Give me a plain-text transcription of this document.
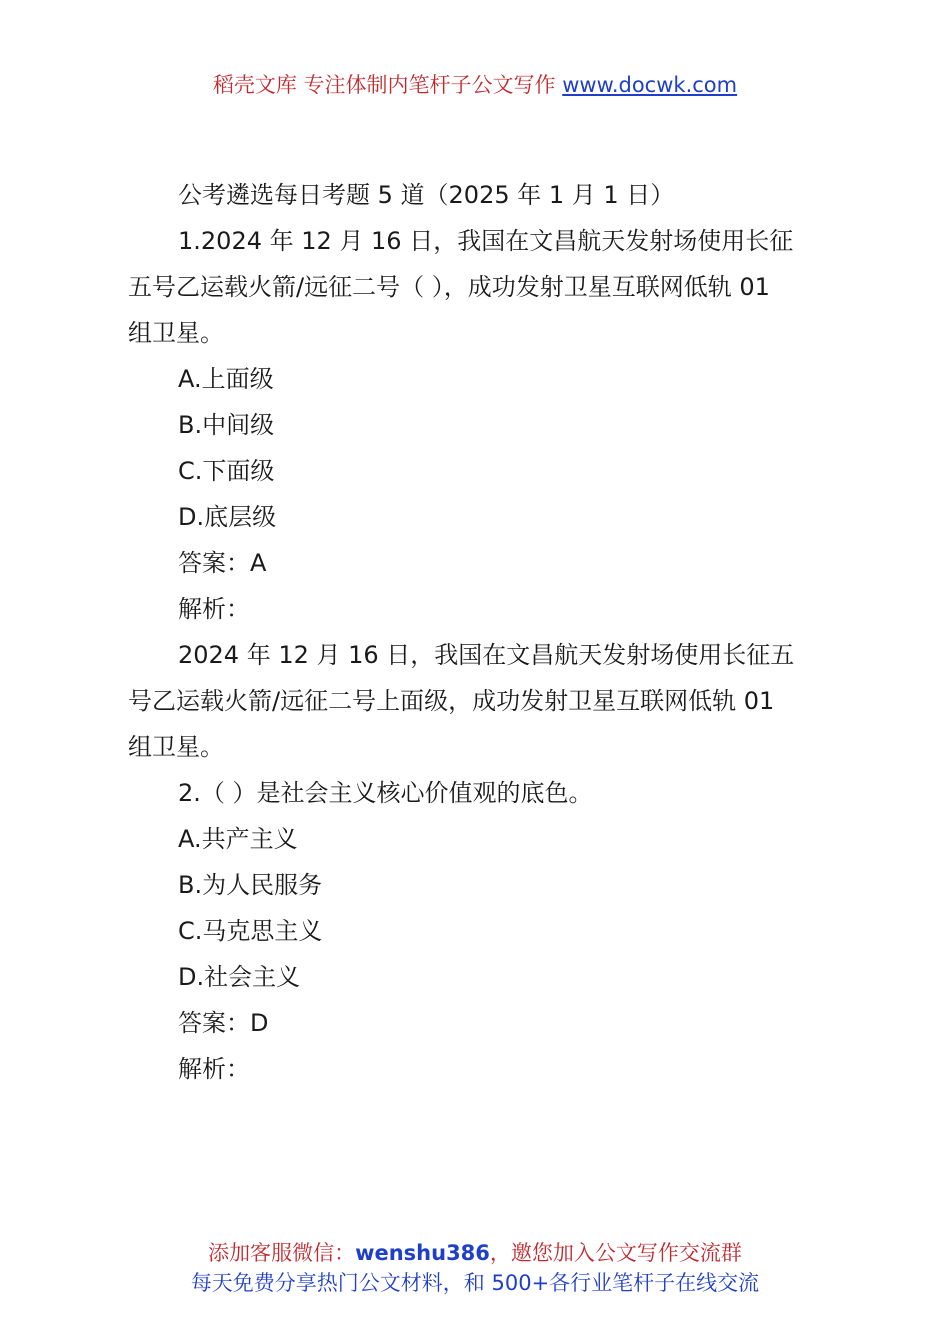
稻壳文库 专注体制内笔杆子公文写作 www.docwk.com
公考遴选每日考题 5 道（2025 年 1 月 1 日）
1.2024 年 12 月 16 日，我国在文昌航天发射场使用长征
五号乙运载火箭/远征二号（ ），成功发射卫星互联网低轨 01
组卫星。
A.上面级
B.中间级
C.下面级
D.底层级
答案：A
解析：
2024 年 12 月 16 日，我国在文昌航天发射场使用长征五
号乙运载火箭/远征二号上面级，成功发射卫星互联网低轨 01
组卫星。
2.（ ）是社会主义核心价值观的底色。
A.共产主义
B.为人民服务
C.马克思主义
D.社会主义
答案：D
解析：
添加客服微信：wenshu386，邀您加入公文写作交流群
每天免费分享热门公文材料，和 500+各行业笔杆子在线交流
